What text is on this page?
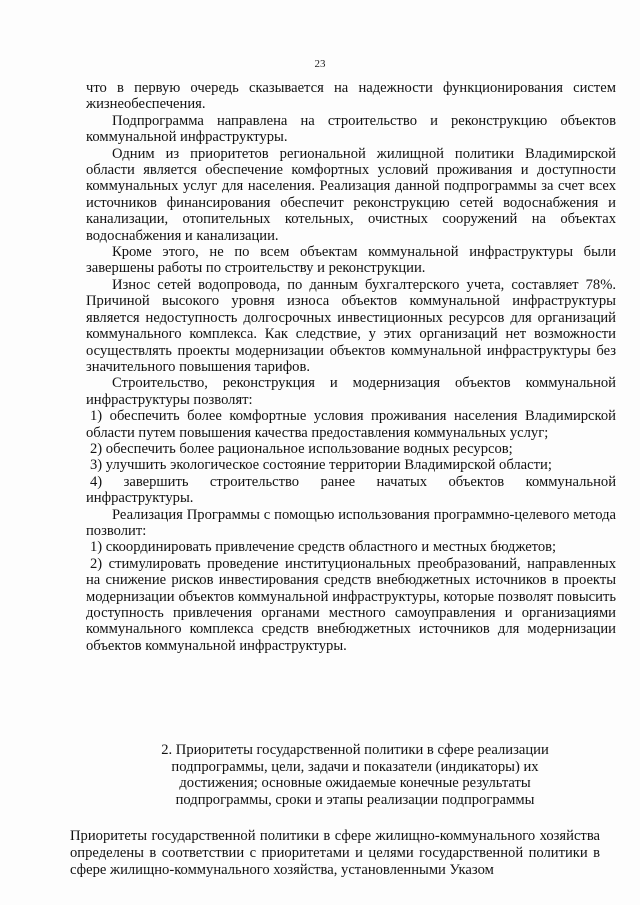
23

что в первую очередь сказывается на надежности функционирования систем жизнеобеспечения.

Подпрограмма направлена на строительство и реконструкцию объектов коммунальной инфраструктуры.

Одним из приоритетов региональной жилищной политики Владимирской области является обеспечение комфортных условий проживания и доступности коммунальных услуг для населения. Реализация данной подпрограммы за счет всех источников финансирования обеспечит реконструкцию сетей водоснабжения и канализации, отопительных котельных, очистных сооружений на объектах водоснабжения и канализации.

Кроме этого, не по всем объектам коммунальной инфраструктуры были завершены работы по строительству и реконструкции.

Износ сетей водопровода, по данным бухгалтерского учета, составляет 78%. Причиной высокого уровня износа объектов коммунальной инфраструктуры является недоступность долгосрочных инвестиционных ресурсов для организаций коммунального комплекса. Как следствие, у этих организаций нет возможности осуществлять проекты модернизации объектов коммунальной инфраструктуры без значительного повышения тарифов.

Строительство, реконструкция и модернизация объектов коммунальной инфраструктуры позволят:

1) обеспечить более комфортные условия проживания населения Владимирской области путем повышения качества предоставления коммунальных услуг;

2) обеспечить более рациональное использование водных ресурсов;

3) улучшить экологическое состояние территории Владимирской области;

4) завершить строительство ранее начатых объектов коммунальной инфраструктуры.

Реализация Программы с помощью использования программно-целевого метода позволит:

1) скоординировать привлечение средств областного и местных бюджетов;

2) стимулировать проведение институциональных преобразований, направленных на снижение рисков инвестирования средств внебюджетных источников в проекты модернизации объектов коммунальной инфраструктуры, которые позволят повысить доступность привлечения органами местного самоуправления и организациями коммунального комплекса средств внебюджетных источников для модернизации объектов коммунальной инфраструктуры.

2. Приоритеты государственной политики в сфере реализации

подпрограммы, цели, задачи и показатели (индикаторы) их

достижения; основные ожидаемые конечные результаты

подпрограммы, сроки и этапы реализации подпрограммы

Приоритеты государственной политики в сфере жилищно-коммунального хозяйства определены в соответствии с приоритетами и целями государственной политики в сфере жилищно-коммунального хозяйства, установленными Указом
